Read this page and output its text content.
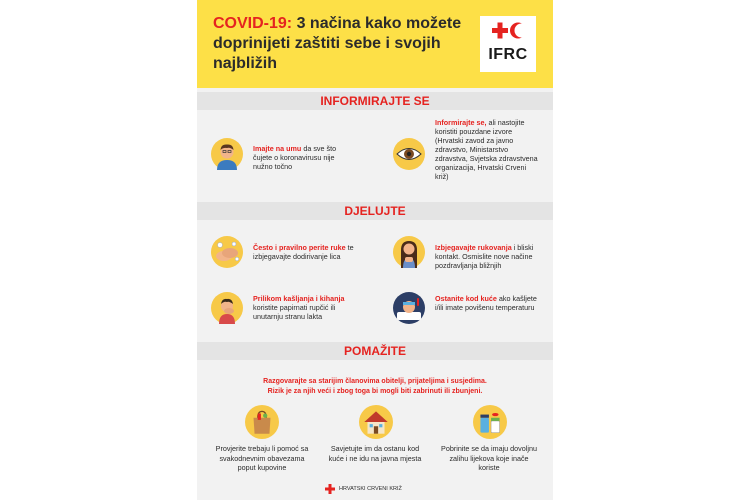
COVID-19: 3 načina kako možete doprinijeti zaštiti sebe i svojih najbližih
IFRC
INFORMIRAJTE SE
Imajte na umu da sve što čujete o koronavirusu nije nužno točno
Informirajte se, ali nastojite koristiti pouzdane izvore (Hrvatski zavod za javno zdravstvo, Ministarstvo zdravstva, Svjetska zdravstvena organizacija, Hrvatski Crveni križ)
DJELUJTE
Često i pravilno perite ruke te izbjegavajte dodirivanje lica
Izbjegavajte rukovanja i bliski kontakt. Osmislite nove načine pozdravljanja bližnjih
Prilikom kašljanja i kihanja koristite papirnati rupčić ili unutarnju stranu lakta
Ostanite kod kuće ako kašljete i/ili imate povišenu temperaturu
POMAŽITE
Razgovarajte sa starijim članovima obitelji, prijateljima i susjedima.
Rizik je za njih veći i zbog toga bi mogli biti zabrinuti ili zbunjeni.
Provjerite trebaju li pomoć sa svakodnevnim obavezama poput kupovine
Savjetujte im da ostanu kod kuće i ne idu na javna mjesta
Pobrinite se da imaju dovoljnu zalihu lijekova koje inače koriste
HRVATSKI CRVENI KRIŽ
